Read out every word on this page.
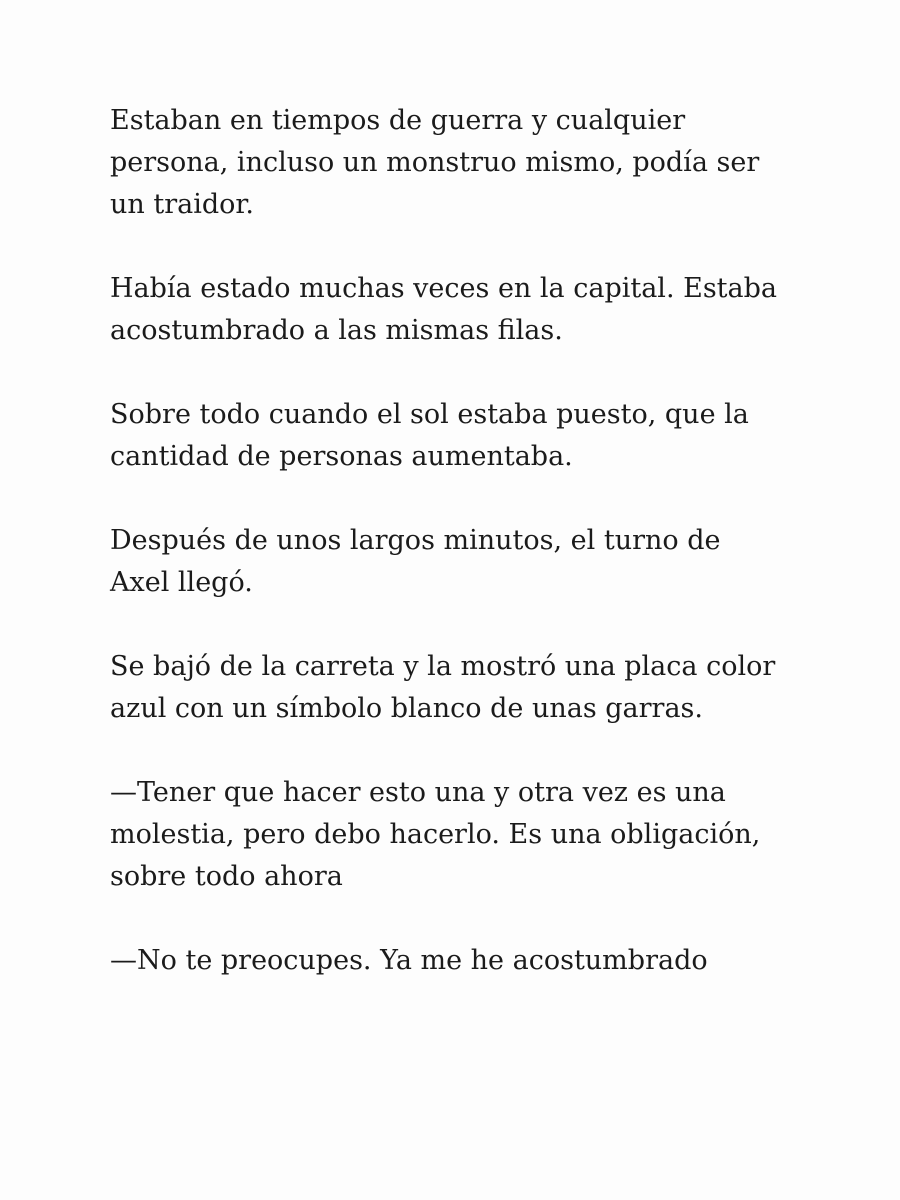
Estaban en tiempos de guerra y cualquier
persona, incluso un monstruo mismo, podía ser
un traidor.

Había estado muchas veces en la capital. Estaba
acostumbrado a las mismas filas.

Sobre todo cuando el sol estaba puesto, que la
cantidad de personas aumentaba.

Después de unos largos minutos, el turno de
Axel llegó.

Se bajó de la carreta y la mostró una placa color
azul con un símbolo blanco de unas garras.

—Tener que hacer esto una y otra vez es una
molestia, pero debo hacerlo. Es una obligación,
sobre todo ahora

—No te preocupes. Ya me he acostumbrado
